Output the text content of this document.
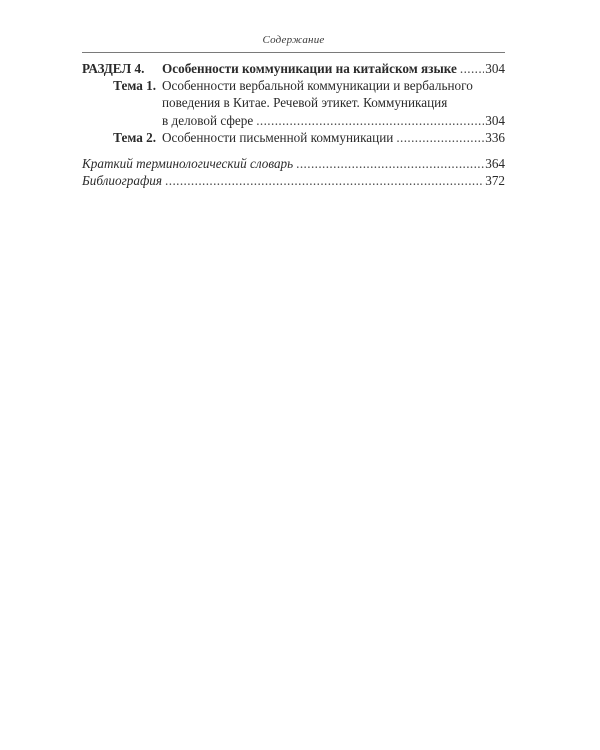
Содержание
РАЗДЕЛ 4.	Особенности коммуникации на китайском языке ..... 304
Тема 1. Особенности вербальной коммуникации и вербального
поведения в Китае. Речевой этикет. Коммуникация
в деловой сфере .....	304
Тема 2. Особенности письменной коммуникации .....	336
Краткий терминологический словарь .....	364
Библиография .....	372
